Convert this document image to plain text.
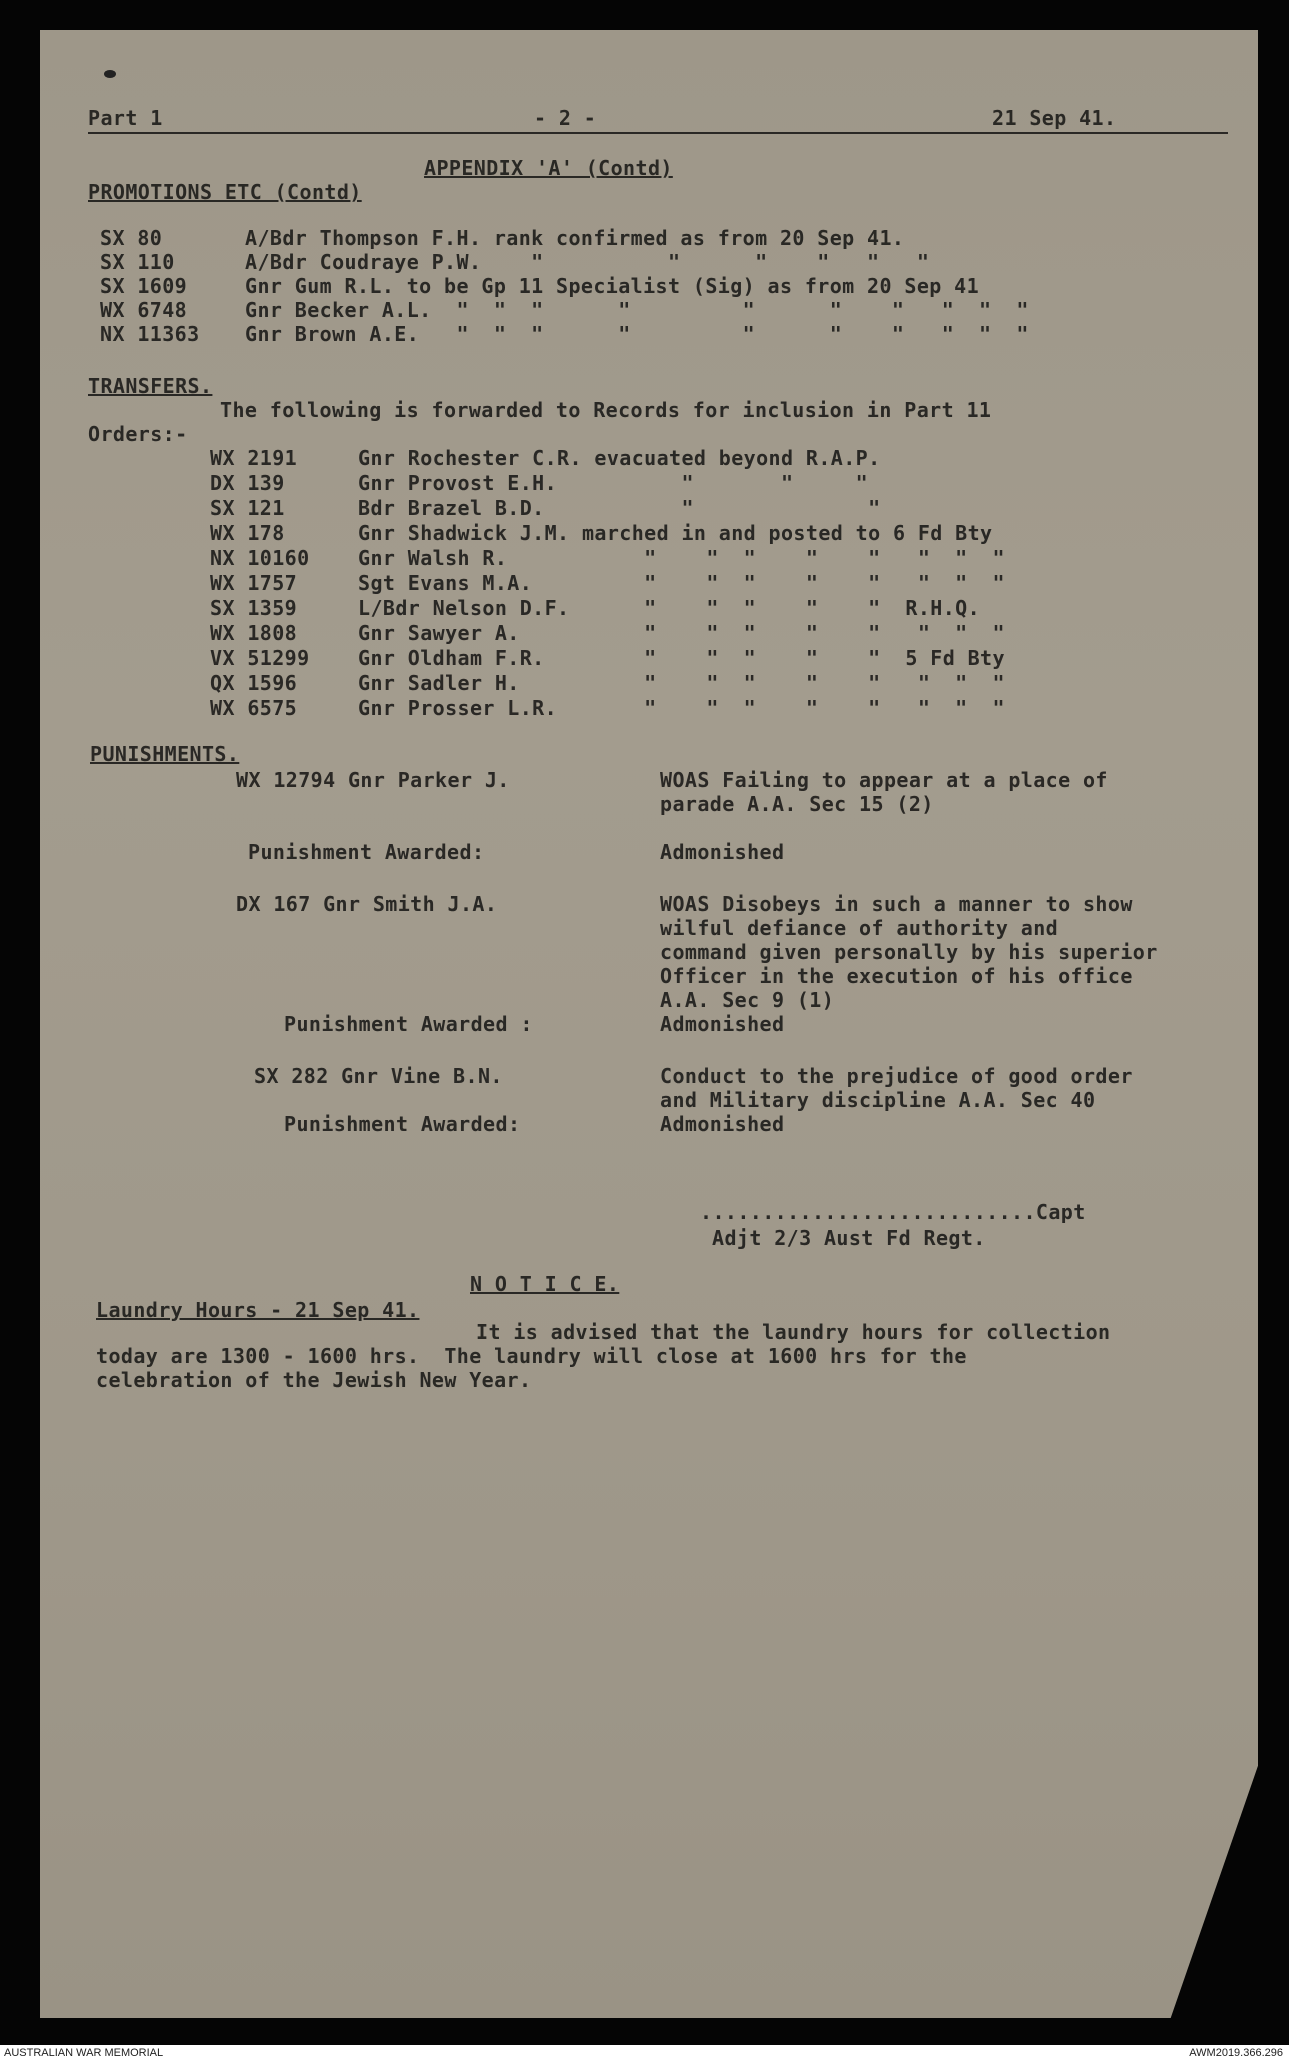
Part 1	- 2 -	21 Sep 41.
APPENDIX 'A' (Contd)
PROMOTIONS ETC (Contd)
SX 80	A/Bdr Thompson F.H. rank confirmed as from 20 Sep 41.
SX 110	A/Bdr Coudraye P.W.    "          "      "    "   "   "
SX 1609	Gnr Gum R.L. to be Gp 11 Specialist (Sig) as from 20 Sep 41
WX 6748	Gnr Becker A.L.  "  "  "      "         "      "    "   "  "  "
NX 11363 Gnr Brown A.E.   "  "  "      "         "      "    "   "  "  "
TRANSFERS.
The following is forwarded to Records for inclusion in Part 11
Orders:-
WX 2191	Gnr Rochester C.R. evacuated beyond R.A.P.
DX 139	Gnr Provost E.H.          "       "     "
SX 121	Bdr Brazel B.D.           "              "
WX 178	Gnr Shadwick J.M. marched in and posted to 6 Fd Bty
NX 10160 Gnr Walsh R.           "    "  "    "    "   "  "  "
WX 1757	Sgt Evans M.A.         "    "  "    "    "   "  "  "
SX 1359	L/Bdr Nelson D.F.      "    "  "    "    "  R.H.Q.
WX 1808	Gnr Sawyer A.          "    "  "    "    "   "  "  "
VX 51299 Gnr Oldham F.R.        "    "  "    "    "  5 Fd Bty
QX 1596	Gnr Sadler H.          "    "  "    "    "   "  "  "
WX 6575	Gnr Prosser L.R.       "    "  "    "    "   "  "  "
PUNISHMENTS.
WX 12794 Gnr Parker J.	WOAS Failing to appear at a place of
parade A.A. Sec 15 (2)
Punishment Awarded:	Admonished
DX 167 Gnr Smith J.A.	WOAS Disobeys in such a manner to show
wilful defiance of authority and
command given personally by his superior
Officer in the execution of his office
A.A. Sec 9 (1)
Punishment Awarded :	Admonished
SX 282 Gnr Vine B.N.	Conduct to the prejudice of good order
and Military discipline A.A. Sec 40
Punishment Awarded:	Admonished
...........................Capt
Adjt 2/3 Aust Fd Regt.
N O T I C E.
Laundry Hours - 21 Sep 41.
It is advised that the laundry hours for collection
today are 1300 - 1600 hrs.  The laundry will close at 1600 hrs for the
celebration of the Jewish New Year.
AUSTRALIAN WAR MEMORIAL	AWM2019.366.296
